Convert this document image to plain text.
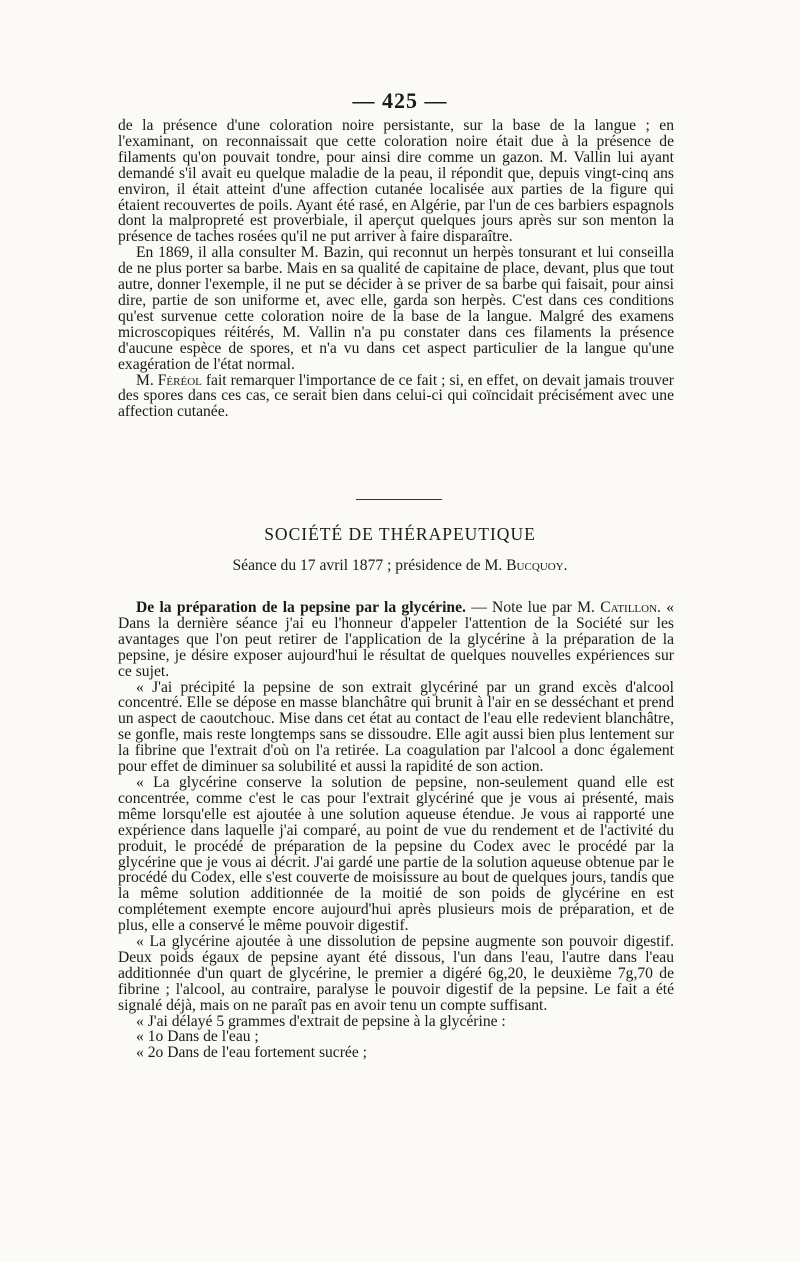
— 425 —

de la présence d'une coloration noire persistante, sur la base de la langue ; en l'examinant, on reconnaissait que cette coloration noire était due à la présence de filaments qu'on pouvait tondre, pour ainsi dire comme un gazon. M. Vallin lui ayant demandé s'il avait eu quelque maladie de la peau, il répondit que, depuis vingt-cinq ans environ, il était atteint d'une affection cutanée localisée aux parties de la figure qui étaient recouvertes de poils. Ayant été rasé, en Algérie, par l'un de ces barbiers espagnols dont la malpropreté est proverbiale, il aperçut quelques jours après sur son menton la présence de taches rosées qu'il ne put arriver à faire disparaître.

En 1869, il alla consulter M. Bazin, qui reconnut un herpès tonsurant et lui conseilla de ne plus porter sa barbe. Mais en sa qualité de capitaine de place, devant, plus que tout autre, donner l'exemple, il ne put se décider à se priver de sa barbe qui faisait, pour ainsi dire, partie de son uniforme et, avec elle, garda son herpès. C'est dans ces conditions qu'est survenue cette coloration noire de la base de la langue. Malgré des examens microscopiques réitérés, M. Vallin n'a pu constater dans ces filaments la présence d'aucune espèce de spores, et n'a vu dans cet aspect particulier de la langue qu'une exagération de l'état normal.

M. Féréol fait remarquer l'importance de ce fait ; si, en effet, on devait jamais trouver des spores dans ces cas, ce serait bien dans celui-ci qui coïncidait précisément avec une affection cutanée.

SOCIÉTÉ DE THÉRAPEUTIQUE
Séance du 17 avril 1877 ; présidence de M. Bucquoy.

De la préparation de la pepsine par la glycérine. — Note lue par M. Catillon. « Dans la dernière séance j'ai eu l'honneur d'appeler l'attention de la Société sur les avantages que l'on peut retirer de l'application de la glycérine à la préparation de la pepsine, je désire exposer aujourd'hui le résultat de quelques nouvelles expériences sur ce sujet.

« J'ai précipité la pepsine de son extrait glycériné par un grand excès d'alcool concentré. Elle se dépose en masse blanchâtre qui brunit à l'air en se desséchant et prend un aspect de caoutchouc. Mise dans cet état au contact de l'eau elle redevient blanchâtre, se gonfle, mais reste longtemps sans se dissoudre. Elle agit aussi bien plus lentement sur la fibrine que l'extrait d'où on l'a retirée. La coagulation par l'alcool a donc également pour effet de diminuer sa solubilité et aussi la rapidité de son action.

« La glycérine conserve la solution de pepsine, non-seulement quand elle est concentrée, comme c'est le cas pour l'extrait glycériné que je vous ai présenté, mais même lorsqu'elle est ajoutée à une solution aqueuse étendue. Je vous ai rapporté une expérience dans laquelle j'ai comparé, au point de vue du rendement et de l'activité du produit, le procédé de préparation de la pepsine du Codex avec le procédé par la glycérine que je vous ai décrit. J'ai gardé une partie de la solution aqueuse obtenue par le procédé du Codex, elle s'est couverte de moisissure au bout de quelques jours, tandis que la même solution additionnée de la moitié de son poids de glycérine en est complétement exempte encore aujourd'hui après plusieurs mois de préparation, et de plus, elle a conservé le même pouvoir digestif.

« La glycérine ajoutée à une dissolution de pepsine augmente son pouvoir digestif. Deux poids égaux de pepsine ayant été dissous, l'un dans l'eau, l'autre dans l'eau additionnée d'un quart de glycérine, le premier a digéré 6g,20, le deuxième 7g,70 de fibrine ; l'alcool, au contraire, paralyse le pouvoir digestif de la pepsine. Le fait a été signalé déjà, mais on ne paraît pas en avoir tenu un compte suffisant.

« J'ai délayé 5 grammes d'extrait de pepsine à la glycérine :

« 1o Dans de l'eau ;

« 2o Dans de l'eau fortement sucrée ;
